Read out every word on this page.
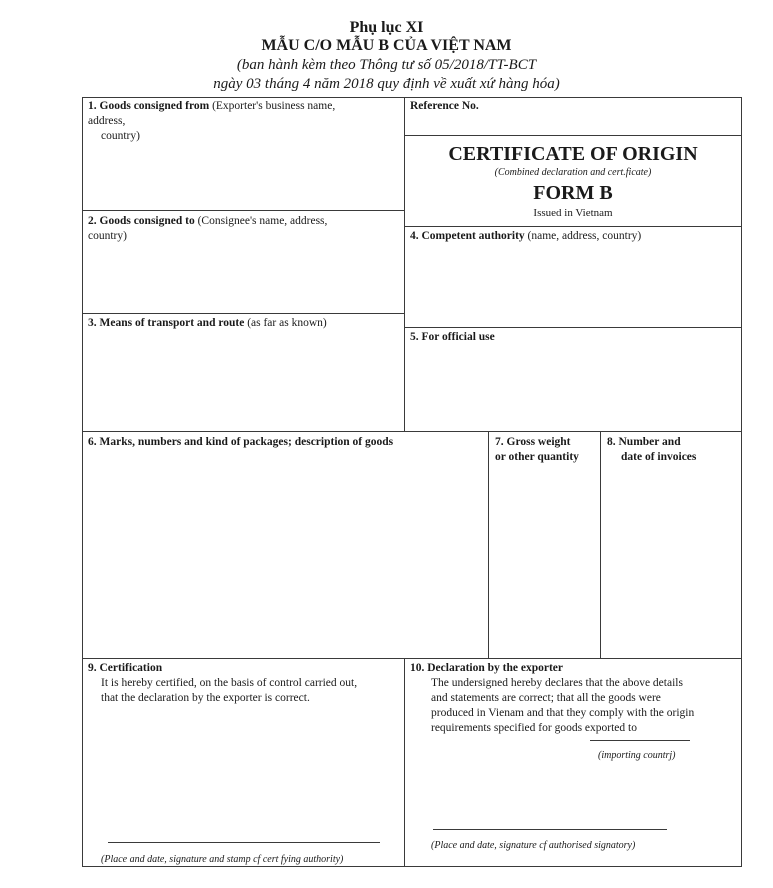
Phụ lục XI
MẪU C/O MẪU B CỦA VIỆT NAM
(ban hành kèm theo Thông tư số 05/2018/TT-BCT
ngày 03 tháng 4 năm 2018 quy định về xuất xứ hàng hóa)
1. Goods consigned from (Exporter's business name,
address,
country)
Reference No.
CERTIFICATE OF ORIGIN
(Combined declaration and cert.ficate)
FORM B
Issued in Vietnam
2. Goods consigned to (Consignee's name, address,
country)	4. Competent authority (name, address, country)
3. Means of transport and route (as far as known)
5. For official use
6. Marks, numbers and kind of packages; description of goods	7. Gross weight
or other quantity
8. Number and
date of invoices
9. Certification
It is hereby certified, on the basis of control carried out,
that the declaration by the exporter is correct.
(Place and date, signature and stamp cf cert fying authority)
10. Declaration by the exporter
The undersigned hereby declares that the above details
and statements are correct; that all the goods were
produced in Vienam and that they comply with the origin
requirements specified for goods exported to
(importing countrj)
(Place and date, signature cf authorised signatory)
